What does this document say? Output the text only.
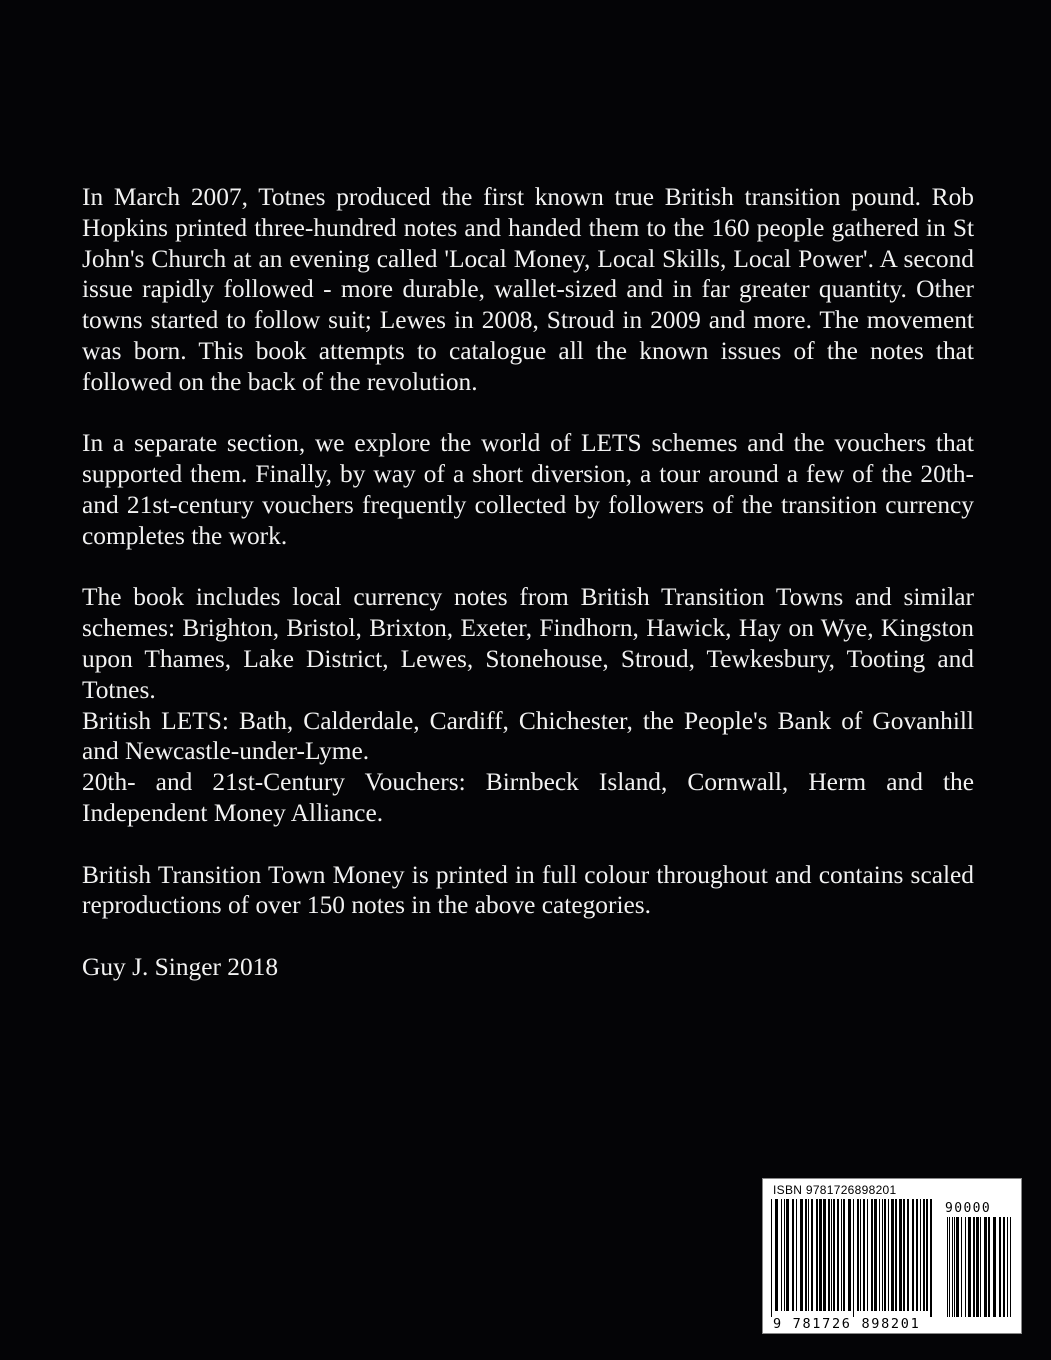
In March 2007, Totnes produced the first known true British transition pound. Rob Hopkins printed three-hundred notes and handed them to the 160 people gathered in St John's Church at an evening called 'Local Money, Local Skills, Local Power'. A second issue rapidly followed - more durable, wallet-sized and in far greater quantity. Other towns started to follow suit; Lewes in 2008, Stroud in 2009 and more. The movement was born. This book attempts to catalogue all the known issues of the notes that followed on the back of the revolution.

In a separate section, we explore the world of LETS schemes and the vouchers that supported them. Finally, by way of a short diversion, a tour around a few of the 20th- and 21st-century vouchers frequently collected by followers of the transition currency completes the work.

The book includes local currency notes from British Transition Towns and similar schemes: Brighton, Bristol, Brixton, Exeter, Findhorn, Hawick, Hay on Wye, Kingston upon Thames, Lake District, Lewes, Stonehouse, Stroud, Tewkesbury, Tooting and Totnes.

British LETS: Bath, Calderdale, Cardiff, Chichester, the People's Bank of Govanhill and Newcastle-under-Lyme.

20th- and 21st-Century Vouchers: Birnbeck Island, Cornwall, Herm and the Independent Money Alliance.

British Transition Town Money is printed in full colour throughout and contains scaled reproductions of over 150 notes in the above categories.

Guy J. Singer 2018

ISBN 9781726898201
90000
9 781726 898201
